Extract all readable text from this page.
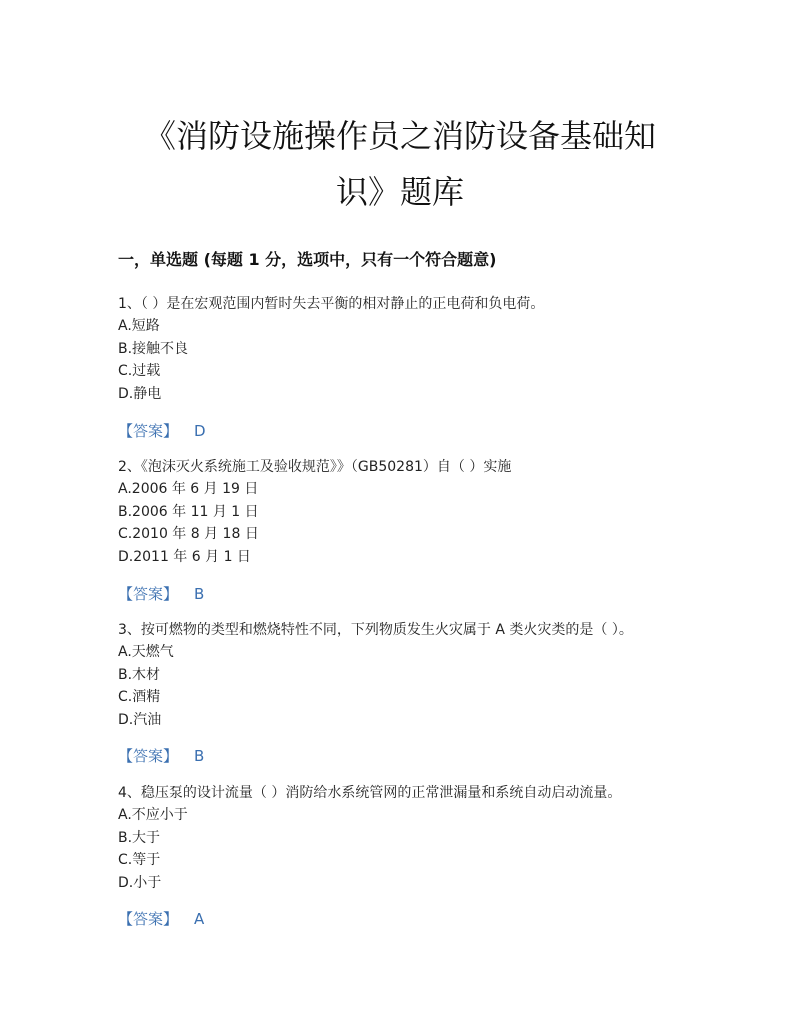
《消防设施操作员之消防设备基础知
识》题库
一，单选题 (每题 1 分，选项中，只有一个符合题意)

1、（ ）是在宏观范围内暂时失去平衡的相对静止的正电荷和负电荷。

A.短路

B.接触不良

C.过载

D.静电

【答案】 D

2、《泡沫灭火系统施工及验收规范》》（GB50281）自（ ）实施

A.2006 年 6 月 19 日

B.2006 年 11 月 1 日

C.2010 年 8 月 18 日

D.2011 年 6 月 1 日

【答案】 B

3、按可燃物的类型和燃烧特性不同，下列物质发生火灾属于 A 类火灾类的是（ ）。

A.天燃气

B.木材

C.酒精

D.汽油

【答案】 B

4、稳压泵的设计流量（ ）消防给水系统管网的正常泄漏量和系统自动启动流量。

A.不应小于

B.大于

C.等于

D.小于

【答案】 A
